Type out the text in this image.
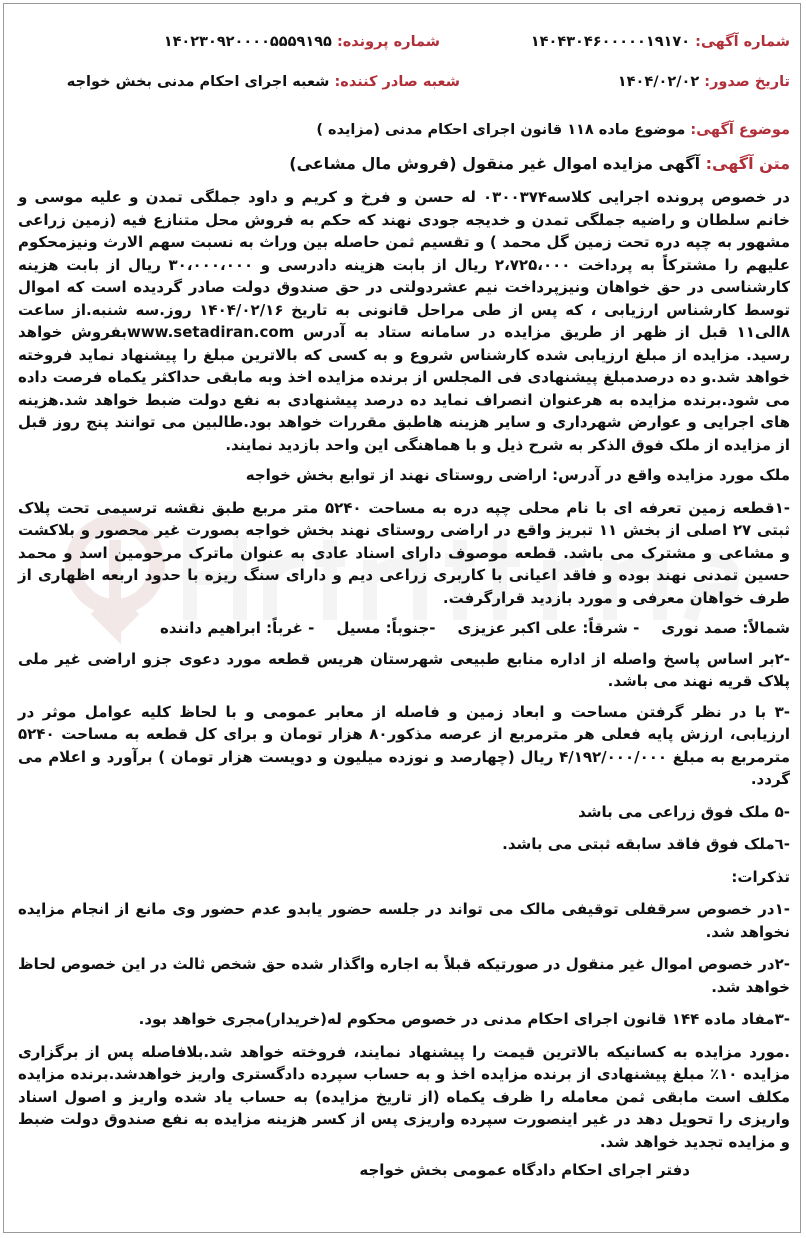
شماره آگهی: ۱۴۰۴۳۰۴۶۰۰۰۰۰۱۹۱۷۰
شماره پرونده: ۱۴۰۲۳۰۹۲۰۰۰۰۵۵۵۹۱۹۵
تاریخ صدور: ۱۴۰۴/۰۲/۰۲
شعبه صادر کننده: شعبه اجرای احکام مدنی بخش خواجه
موضوع آگهی: موضوع ماده ۱۱۸ قانون اجرای احکام مدنی (مزایده )
متن آگهی: آگهی مزایده اموال غیر منقول (فروش مال مشاعی)

در خصوص پرونده اجرایی کلاسه۰۳۰۰۳۷۴ له حسن و فرخ و کریم و داود جملگی تمدن و علیه موسی و خانم سلطان و راضیه جملگی تمدن و خدیجه جودی نهند که حکم به فروش محل متنازع فیه (زمین زراعی مشهور به چپه دره تحت زمین گل محمد ) و تقسیم ثمن حاصله بین وراث به نسبت سهم الارث ونیزمحکوم علیهم را مشترکاً به پرداخت ۲،۷۲۵،۰۰۰ ریال از بابت هزینه دادرسی و ۳۰،۰۰۰،۰۰۰ ریال از بابت هزینه کارشناسی در حق خواهان ونیزپرداخت نیم عشردولتی در حق صندوق دولت صادر گردیده است که اموال توسط کارشناس ارزیابی ، که پس از طی مراحل قانونی به تاریخ ۱۴۰۴/۰۲/۱۶ روز.سه شنبه.از ساعت ۸الی۱۱ قبل از ظهر از طریق مزایده در سامانه ستاد به آدرس www.setadiran.comبفروش خواهد رسید. مزایده از مبلغ ارزیابی شده کارشناس شروع و به کسی که بالاترین مبلغ را پیشنهاد نماید فروخته خواهد شد.و ده درصدمبلغ پیشنهادی فی المجلس از برنده مزایده اخذ وبه مابقی حداکثر یکماه فرصت داده می شود.برنده مزایده به هرعنوان انصراف نماید ده درصد پیشنهادی به نفع دولت ضبط خواهد شد.هزینه های اجرایی و عوارض شهرداری و سایر هزینه هاطبق مقررات خواهد بود.طالبین می توانند پنج روز قبل از مزایده از ملک فوق الذکر به شرح ذیل و با هماهنگی این واحد بازدید نمایند.

ملک مورد مزایده واقع در آدرس: اراضی روستای نهند از توابع بخش خواجه

-۱قطعه زمین تعرفه ای با نام محلی چپه دره به مساحت ۵۲۴۰ متر مربع طبق نقشه ترسیمی تحت پلاک ثبتی ۲۷ اصلی از بخش ۱۱ تبریز واقع در اراضی روستای نهند بخش خواجه بصورت غیر محصور و بلاکشت و مشاعی و مشترک می باشد. قطعه موصوف دارای اسناد عادی به عنوان ماترک مرحومین اسد و محمد حسین تمدنی نهند بوده و فاقد اعیانی با کاربری زراعی دیم و دارای سنگ ریزه با حدود اربعه اظهاری از طرف خواهان معرفی و مورد بازدید قرارگرفت.

شمالاً: صمد نوری
- شرقاً: علی اکبر عزیزی
-جنوباً: مسیل
- غرباً: ابراهیم داننده

-۲بر اساس پاسخ واصله از اداره منابع طبیعی شهرستان هریس قطعه مورد دعوی جزو اراضی غیر ملی پلاک قریه نهند می باشد.

-۳ با در نظر گرفتن مساحت و ابعاد زمین و فاصله از معابر عمومی و با لحاظ کلیه عوامل موثر در ارزیابی، ارزش پایه فعلی هر مترمربع از عرصه مذکور۸۰ هزار تومان و برای کل قطعه به مساحت ۵۲۴۰ مترمربع به مبلغ ۴/۱۹۲/۰۰۰/۰۰۰ ریال (چهارصد و نوزده میلیون و دویست هزار تومان ) برآورد و اعلام می گردد.

-۵ ملک فوق زراعی می باشد

-٦ملک فوق فاقد سابقه ثبتی می باشد.

تذکرات:

-۱در خصوص سرقفلی توقیفی مالک می تواند در جلسه حضور یابدو عدم حضور وی مانع از انجام مزایده نخواهد شد.

-۲در خصوص اموال غیر منقول در صورتیکه قبلاً به اجاره واگذار شده حق شخص ثالث در این خصوص لحاظ خواهد شد.

-۳مفاد ماده ۱۴۴ قانون اجرای احکام مدنی در خصوص محکوم له(خریدار)مجری خواهد بود.

.مورد مزایده به کسانیکه بالاترین قیمت را پیشنهاد نمایند، فروخته خواهد شد.بلافاصله پس از برگزاری مزایده ۱۰٪ مبلغ پیشنهادی از برنده مزایده اخذ و به حساب سپرده دادگستری واریز خواهدشد.برنده مزایده مکلف است مابقی ثمن معامله را ظرف یکماه (از تاریخ مزایده) به حساب یاد شده واریز و اصول اسناد واریزی را تحویل دهد در غیر اینصورت سپرده واریزی پس از کسر هزینه مزایده به نفع صندوق دولت ضبط و مزایده تجدید خواهد شد.

دفتر اجرای احکام دادگاه عمومی بخش خواجه
